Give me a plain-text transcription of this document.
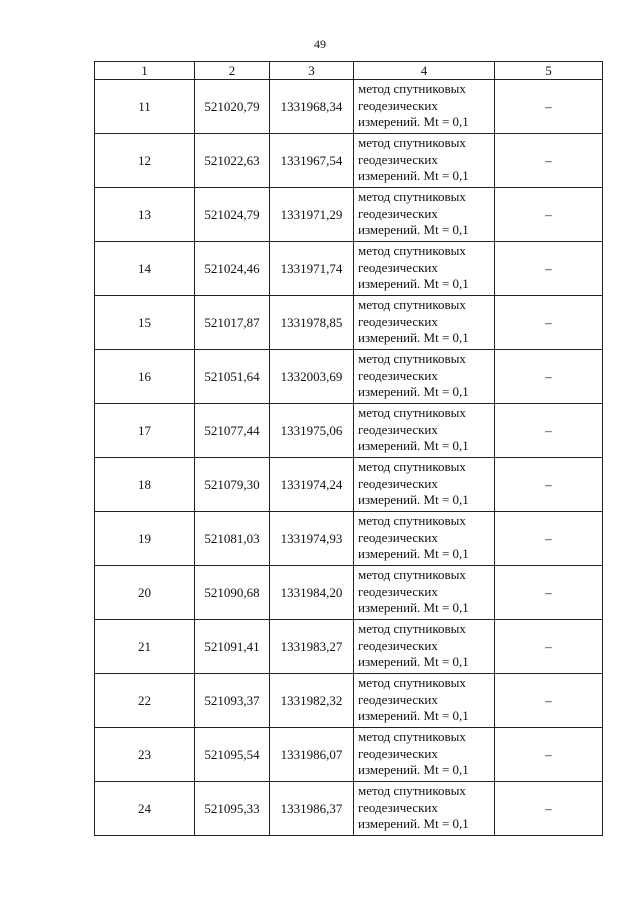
49
1	2	3	4	5
11	521020,79	1331968,34	метод спутниковых геодезических измерений. Mt = 0,1	–
12	521022,63	1331967,54	метод спутниковых геодезических измерений. Mt = 0,1	–
13	521024,79	1331971,29	метод спутниковых геодезических измерений. Mt = 0,1	–
14	521024,46	1331971,74	метод спутниковых геодезических измерений. Mt = 0,1	–
15	521017,87	1331978,85	метод спутниковых геодезических измерений. Mt = 0,1	–
16	521051,64	1332003,69	метод спутниковых геодезических измерений. Mt = 0,1	–
17	521077,44	1331975,06	метод спутниковых геодезических измерений. Mt = 0,1	–
18	521079,30	1331974,24	метод спутниковых геодезических измерений. Mt = 0,1	–
19	521081,03	1331974,93	метод спутниковых геодезических измерений. Mt = 0,1	–
20	521090,68	1331984,20	метод спутниковых геодезических измерений. Mt = 0,1	–
21	521091,41	1331983,27	метод спутниковых геодезических измерений. Mt = 0,1	–
22	521093,37	1331982,32	метод спутниковых геодезических измерений. Mt = 0,1	–
23	521095,54	1331986,07	метод спутниковых геодезических измерений. Mt = 0,1	–
24	521095,33	1331986,37	метод спутниковых геодезических измерений. Mt = 0,1	–
